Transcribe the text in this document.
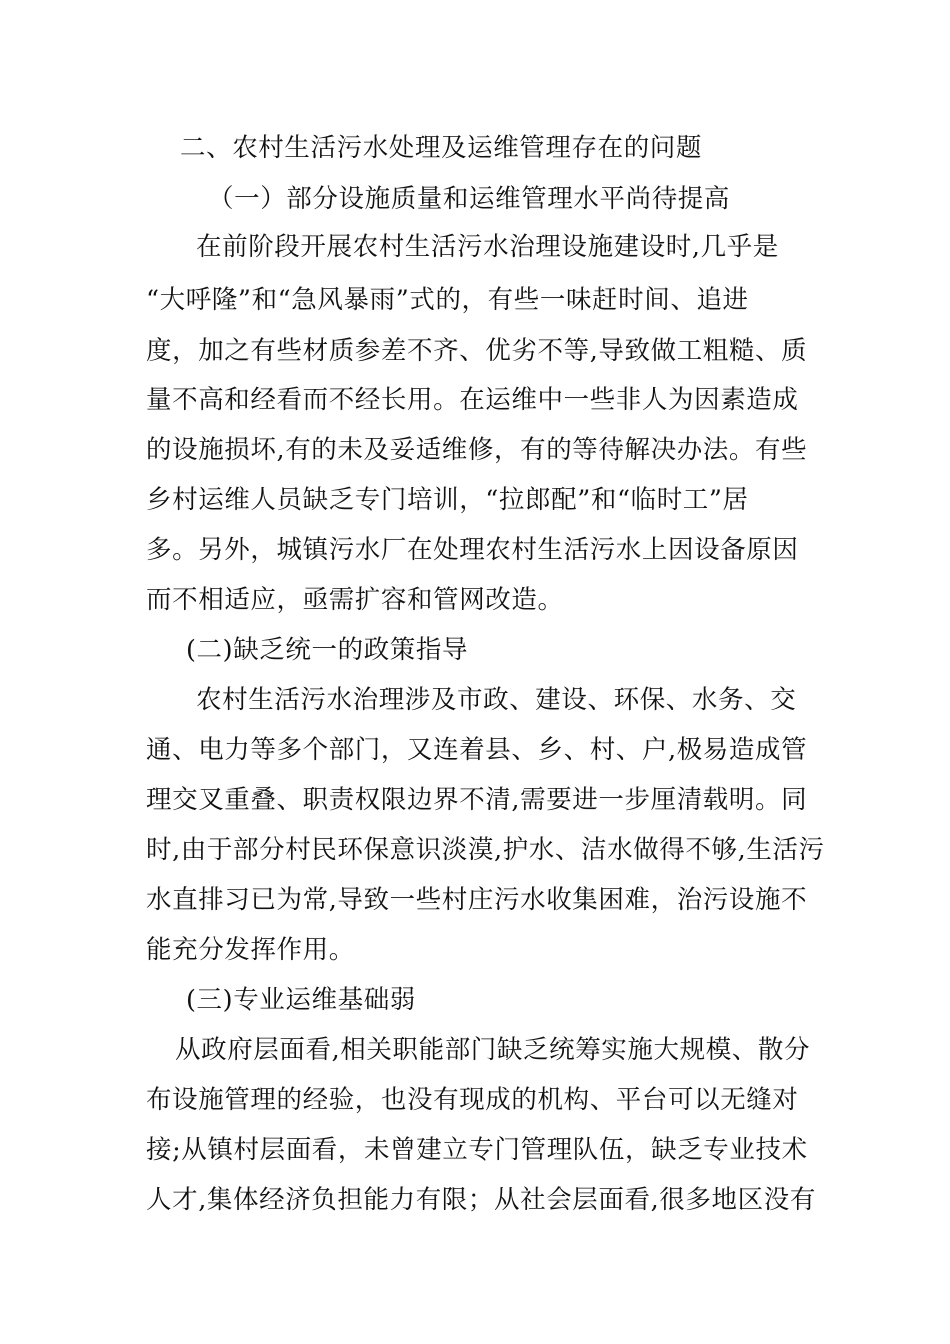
二、农村生活污水处理及运维管理存在的问题

（一）部分设施质量和运维管理水平尚待提高

在前阶段开展农村生活污水治理设施建设时,几乎是

“大呼隆”和“急风暴雨”式的，有些一味赶时间、追进

度，加之有些材质参差不齐、优劣不等,导致做工粗糙、质

量不高和经看而不经长用。在运维中一些非人为因素造成

的设施损坏,有的未及妥适维修，有的等待解决办法。有些

乡村运维人员缺乏专门培训，“拉郎配”和“临时工”居

多。另外，城镇污水厂在处理农村生活污水上因设备原因

而不相适应，亟需扩容和管网改造。

(二)缺乏统一的政策指导

农村生活污水治理涉及市政、建设、环保、水务、交

通、电力等多个部门，又连着县、乡、村、户,极易造成管

理交叉重叠、职责权限边界不清,需要进一步厘清载明。同

时,由于部分村民环保意识淡漠,护水、洁水做得不够,生活污

水直排习已为常,导致一些村庄污水收集困难，治污设施不

能充分发挥作用。

(三)专业运维基础弱

从政府层面看,相关职能部门缺乏统筹实施大规模、散分

布设施管理的经验，也没有现成的机构、平台可以无缝对

接;从镇村层面看，未曾建立专门管理队伍，缺乏专业技术

人才,集体经济负担能力有限；从社会层面看,很多地区没有
